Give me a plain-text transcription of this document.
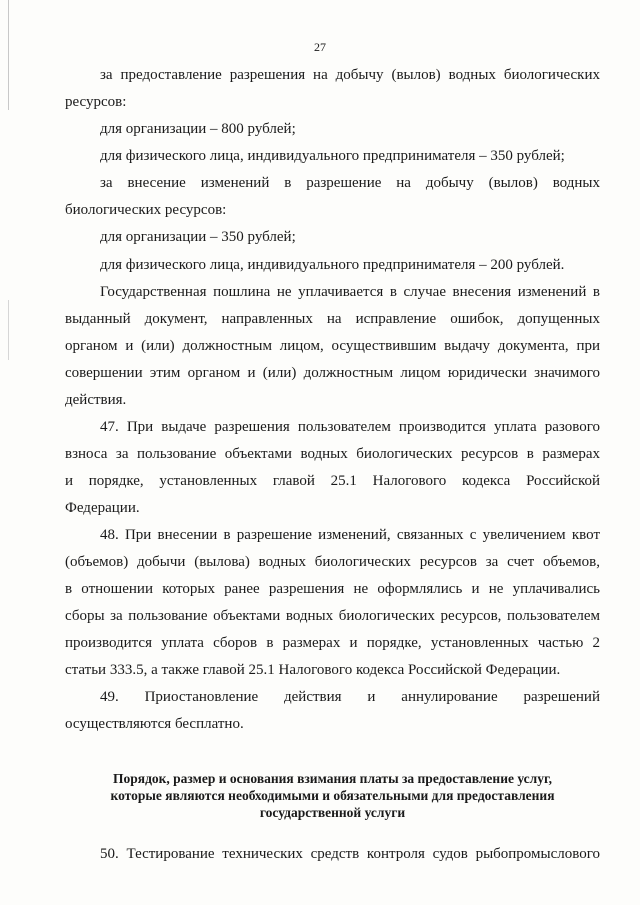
27
за предоставление разрешения на добычу (вылов) водных биологических
ресурсов:
для организации – 800 рублей;
для физического лица, индивидуального предпринимателя – 350 рублей;
за внесение изменений в разрешение на добычу (вылов) водных
биологических ресурсов:
для организации – 350 рублей;
для физического лица, индивидуального предпринимателя – 200 рублей.
Государственная пошлина не уплачивается в случае внесения изменений в
выданный документ, направленных на исправление ошибок, допущенных
органом и (или) должностным лицом, осуществившим выдачу документа, при
совершении этим органом и (или) должностным лицом юридически значимого
действия.
47. При выдаче разрешения пользователем производится уплата разового
взноса за пользование объектами водных биологических ресурсов в размерах
и порядке, установленных главой 25.1 Налогового кодекса Российской
Федерации.
48. При внесении в разрешение изменений, связанных с увеличением квот
(объемов) добычи (вылова) водных биологических ресурсов за счет объемов,
в отношении которых ранее разрешения не оформлялись и не уплачивались
сборы за пользование объектами водных биологических ресурсов, пользователем
производится уплата сборов в размерах и порядке, установленных частью 2
статьи 333.5, а также главой 25.1 Налогового кодекса Российской Федерации.
49. Приостановление действия и аннулирование разрешений
осуществляются бесплатно.
Порядок, размер и основания взимания платы за предоставление услуг,
которые являются необходимыми и обязательными для предоставления
государственной услуги
50. Тестирование технических средств контроля судов рыбопромыслового
